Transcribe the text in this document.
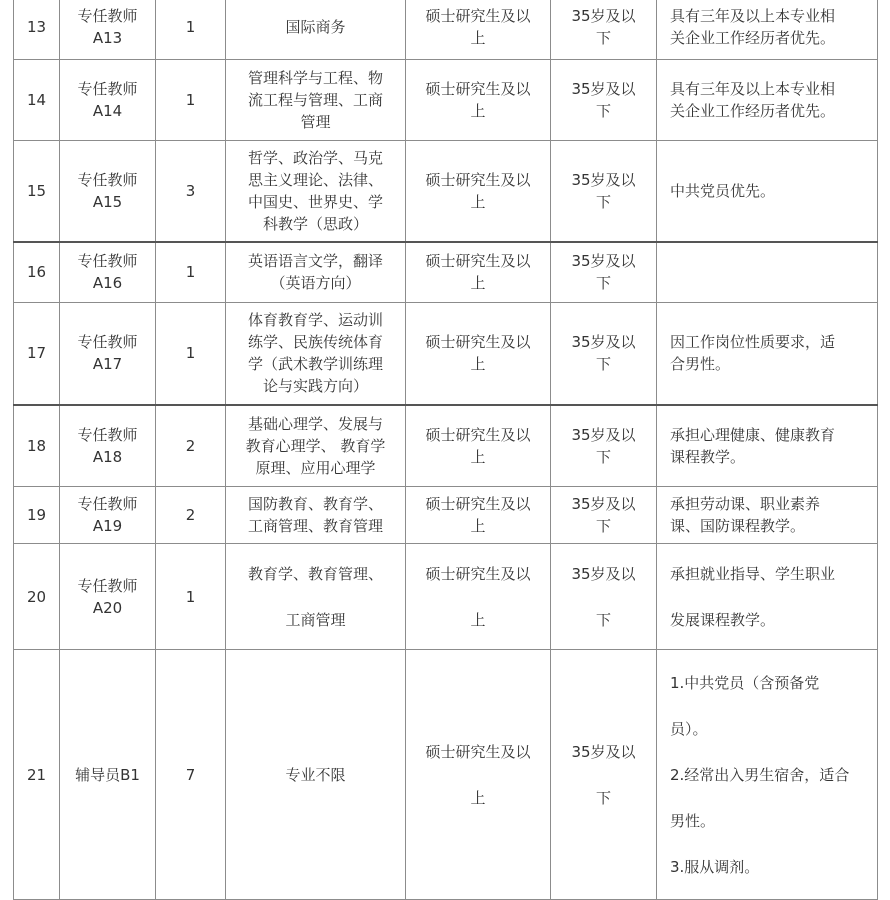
13	专任教师
A13	1	国际商务	硕士研究生及以
上	35岁及以
下	具有三年及以上本专业相
关企业工作经历者优先。

14	专任教师
A14	1	管理科学与工程、物
流工程与管理、工商
管理	硕士研究生及以
上	35岁及以
下	具有三年及以上本专业相
关企业工作经历者优先。

15	专任教师
A15	3	哲学、政治学、马克
思主义理论、法律、
中国史、世界史、学
科教学（思政）	硕士研究生及以
上	35岁及以
下	中共党员优先。

16	专任教师
A16	1	英语语言文学，翻译
（英语方向）	硕士研究生及以
上	35岁及以
下	

17	专任教师
A17	1	体育教育学、运动训
练学、民族传统体育
学（武术教学训练理
论与实践方向）	硕士研究生及以
上	35岁及以
下	因工作岗位性质要求，适
合男性。

18	专任教师
A18	2	基础心理学、发展与
教育心理学、 教育学
原理、应用心理学	硕士研究生及以
上	35岁及以
下	承担心理健康、健康教育
课程教学。

19	专任教师
A19	2	国防教育、教育学、
工商管理、教育管理	硕士研究生及以
上	35岁及以
下	承担劳动课、职业素养
课、国防课程教学。

20	专任教师
A20	1	教育学、教育管理、
工商管理	硕士研究生及以
上	35岁及以
下	承担就业指导、学生职业
发展课程教学。

21	辅导员B1	7	专业不限	硕士研究生及以
上	35岁及以
下	1.中共党员（含预备党
员）。
2.经常出入男生宿舍，适合
男性。
3.服从调剂。
